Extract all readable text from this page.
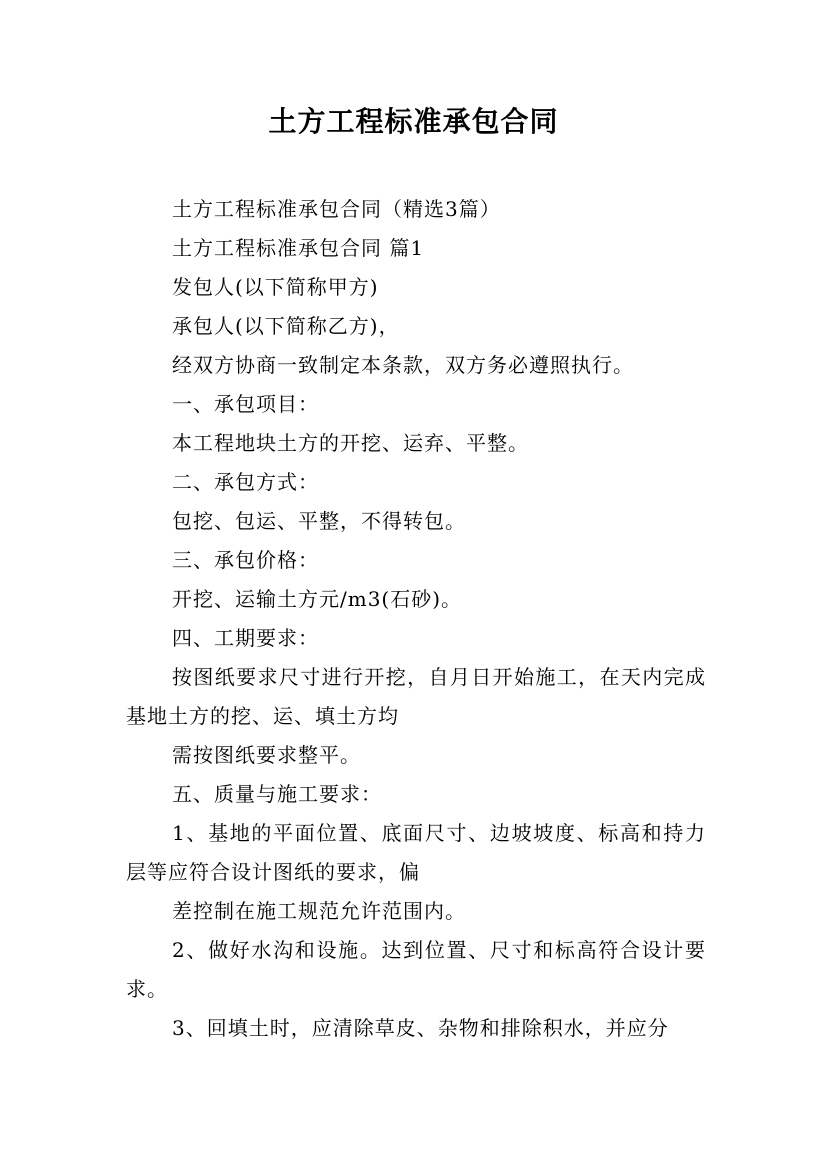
土方工程标准承包合同

土方工程标准承包合同（精选3篇）

土方工程标准承包合同 篇1

发包人(以下简称甲方)

承包人(以下简称乙方)，

经双方协商一致制定本条款，双方务必遵照执行。

一、承包项目：

本工程地块土方的开挖、运弃、平整。

二、承包方式：

包挖、包运、平整，不得转包。

三、承包价格：

开挖、运输土方元/m3(石砂)。

四、工期要求：

按图纸要求尺寸进行开挖，自月日开始施工，在天内完成基地土方的挖、运、填土方均

需按图纸要求整平。

五、质量与施工要求：

1、基地的平面位置、底面尺寸、边坡坡度、标高和持力层等应符合设计图纸的要求，偏

差控制在施工规范允许范围内。

2、做好水沟和设施。达到位置、尺寸和标高符合设计要求。

3、回填土时，应清除草皮、杂物和排除积水，并应分
